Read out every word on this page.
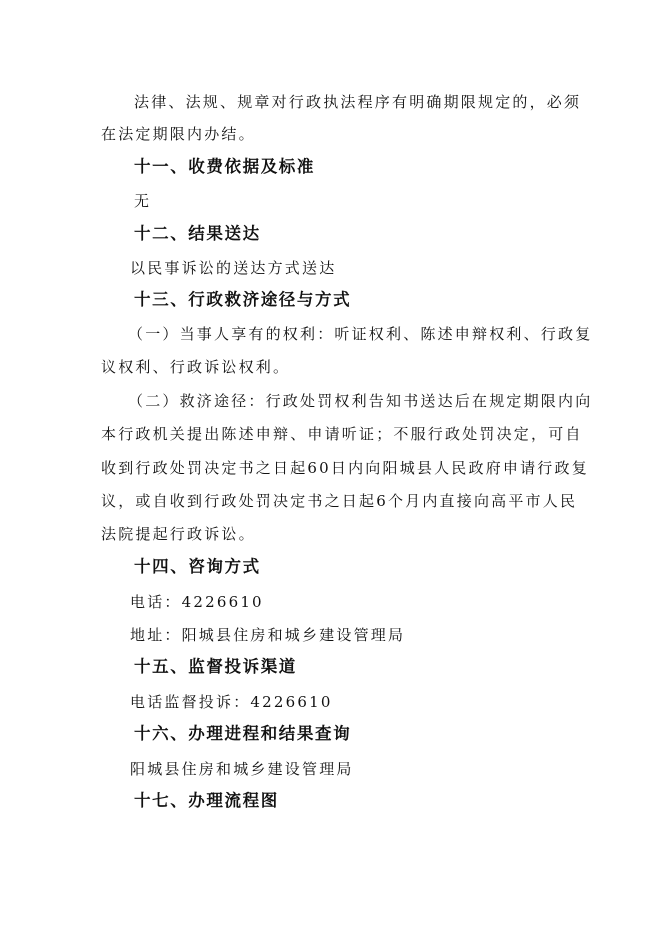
法律、法规、规章对行政执法程序有明确期限规定的，必须
在法定期限内办结。
十一、收费依据及标准
无
十二、结果送达
以民事诉讼的送达方式送达
十三、行政救济途径与方式
（一）当事人享有的权利：听证权利、陈述申辩权利、行政复
议权利、行政诉讼权利。
（二）救济途径：行政处罚权利告知书送达后在规定期限内向
本行政机关提出陈述申辩、申请听证；不服行政处罚决定，可自
收到行政处罚决定书之日起60日内向阳城县人民政府申请行政复
议，或自收到行政处罚决定书之日起6个月内直接向高平市人民
法院提起行政诉讼。
十四、咨询方式
电话：4226610
地址：阳城县住房和城乡建设管理局
十五、监督投诉渠道
电话监督投诉：4226610
十六、办理进程和结果查询
阳城县住房和城乡建设管理局
十七、办理流程图
